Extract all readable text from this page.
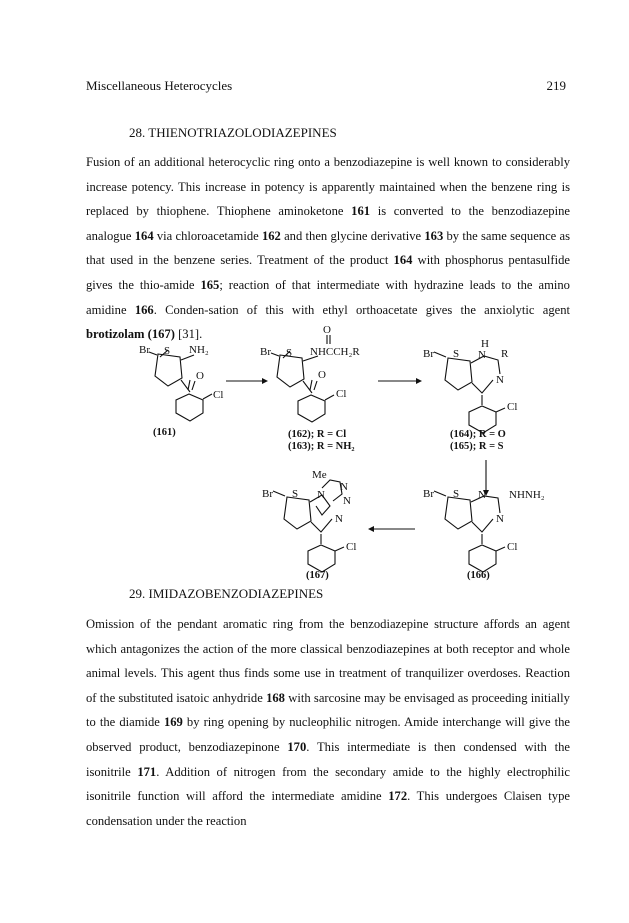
Miscellaneous Heterocycles	219
28. THIENOTRIAZOLODIAZEPINES

Fusion of an additional heterocyclic ring onto a benzodiazepine is well known to considerably increase potency. This increase in potency is apparently maintained when the benzene ring is replaced by thiophene. Thiophene aminoketone 161 is converted to the benzodiazepine analogue 164 via chloroacetamide 162 and then glycine derivative 163 by the same sequence as that used in the benzene series. Treatment of the product 164 with phosphorus pentasulfide gives the thio-amide 165; reaction of that intermediate with hydrazine leads to the amino amidine 166. Conden-sation of this with ethyl orthoacetate gives the anxiolytic agent brotizolam (167) [31].

Br S NH₂
O
Cl
Br S
O
NHCCH₂R
O
Cl
Br S
H
N R
N
Cl
Br S N NHNH₂
N
Cl
Me
N
N
Br S N
N
Cl
(161)	(162); R = Cl
(163); R = NH₂
(164); R = O
(165); R = S
(167)	(166)
29. IMIDAZOBENZODIAZEPINES

Omission of the pendant aromatic ring from the benzodiazepine structure affords an agent which antagonizes the action of the more classical benzodiazepines at both receptor and whole animal levels. This agent thus finds some use in treatment of tranquilizer overdoses. Reaction of the substituted isatoic anhydride 168 with sarcosine may be envisaged as proceeding initially to the diamide 169 by ring opening by nucleophilic nitrogen. Amide interchange will give the observed product, benzodiazepinone 170. This intermediate is then condensed with the isonitrile 171. Addition of nitrogen from the secondary amide to the highly electrophilic isonitrile function will afford the intermediate amidine 172. This undergoes Claisen type condensation under the reaction
